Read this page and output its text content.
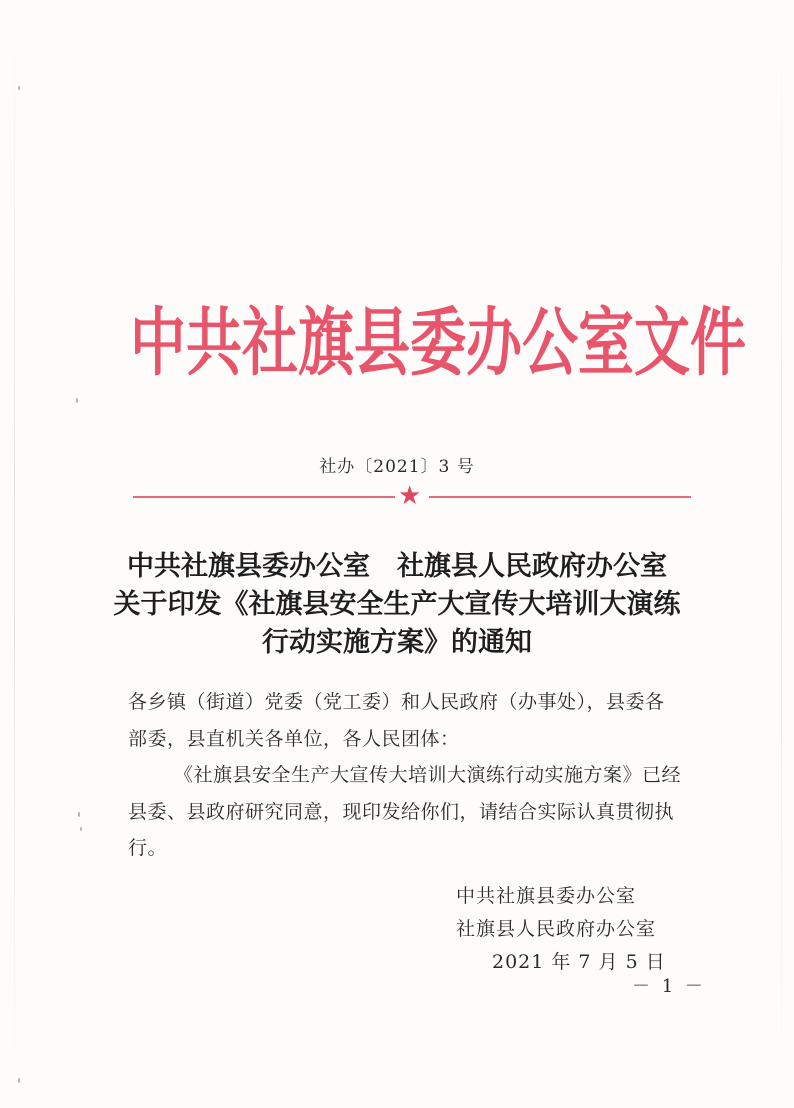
中共社旗县委办公室文件
社办〔2021〕3 号
★
中共社旗县委办公室　社旗县人民政府办公室
关于印发《社旗县安全生产大宣传大培训大演练
行动实施方案》的通知

各乡镇（街道）党委（党工委）和人民政府（办事处），县委各

部委，县直机关各单位，各人民团体：

《社旗县安全生产大宣传大培训大演练行动实施方案》已经

县委、县政府研究同意，现印发给你们，请结合实际认真贯彻执

行。

中共社旗县委办公室
社旗县人民政府办公室
2021 年 7 月 5 日
－ 1 －
